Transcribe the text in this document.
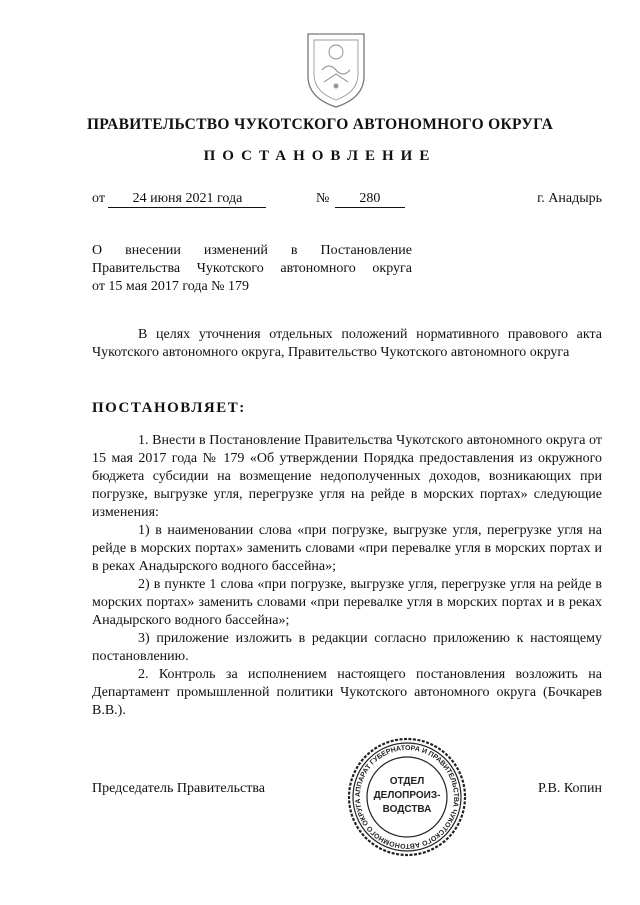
ПРАВИТЕЛЬСТВО ЧУКОТСКОГО АВТОНОМНОГО ОКРУГА
ПОСТАНОВЛЕНИЕ
от 24 июня 2021 года	№ 280	г. Анадырь

О внесении изменений в Постановление

Правительства Чукотского автономного округа

от 15 мая 2017 года № 179

В целях уточнения отдельных положений нормативного правового акта Чукотского автономного округа, Правительство Чукотского автономного округа

ПОСТАНОВЛЯЕТ:

1. Внести в Постановление Правительства Чукотского автономного округа от 15 мая 2017 года № 179 «Об утверждении Порядка предоставления из окружного бюджета субсидии на возмещение недополученных доходов, возникающих при погрузке, выгрузке угля, перегрузке угля на рейде в морских портах» следующие изменения:

1) в наименовании слова «при погрузке, выгрузке угля, перегрузке угля на рейде в морских портах» заменить словами «при перевалке угля в морских портах и в реках Анадырского водного бассейна»;

2) в пункте 1 слова «при погрузке, выгрузке угля, перегрузке угля на рейде в морских портах» заменить словами «при перевалке угля в морских портах и в реках Анадырского водного бассейна»;

3) приложение изложить в редакции согласно приложению к настоящему постановлению.

2. Контроль за исполнением настоящего постановления возложить на Департамент промышленной политики Чукотского автономного округа (Бочкарев В.В.).

Председатель Правительства	Р.В. Копин
АППАРАТ ГУБЕРНАТОРА И ПРАВИТЕЛЬСТВА ЧУКОТСКОГО АВТОНОМНОГО ОКРУГА
ОТДЕЛ
ДЕЛОПРОИЗ-
ВОДСТВА
